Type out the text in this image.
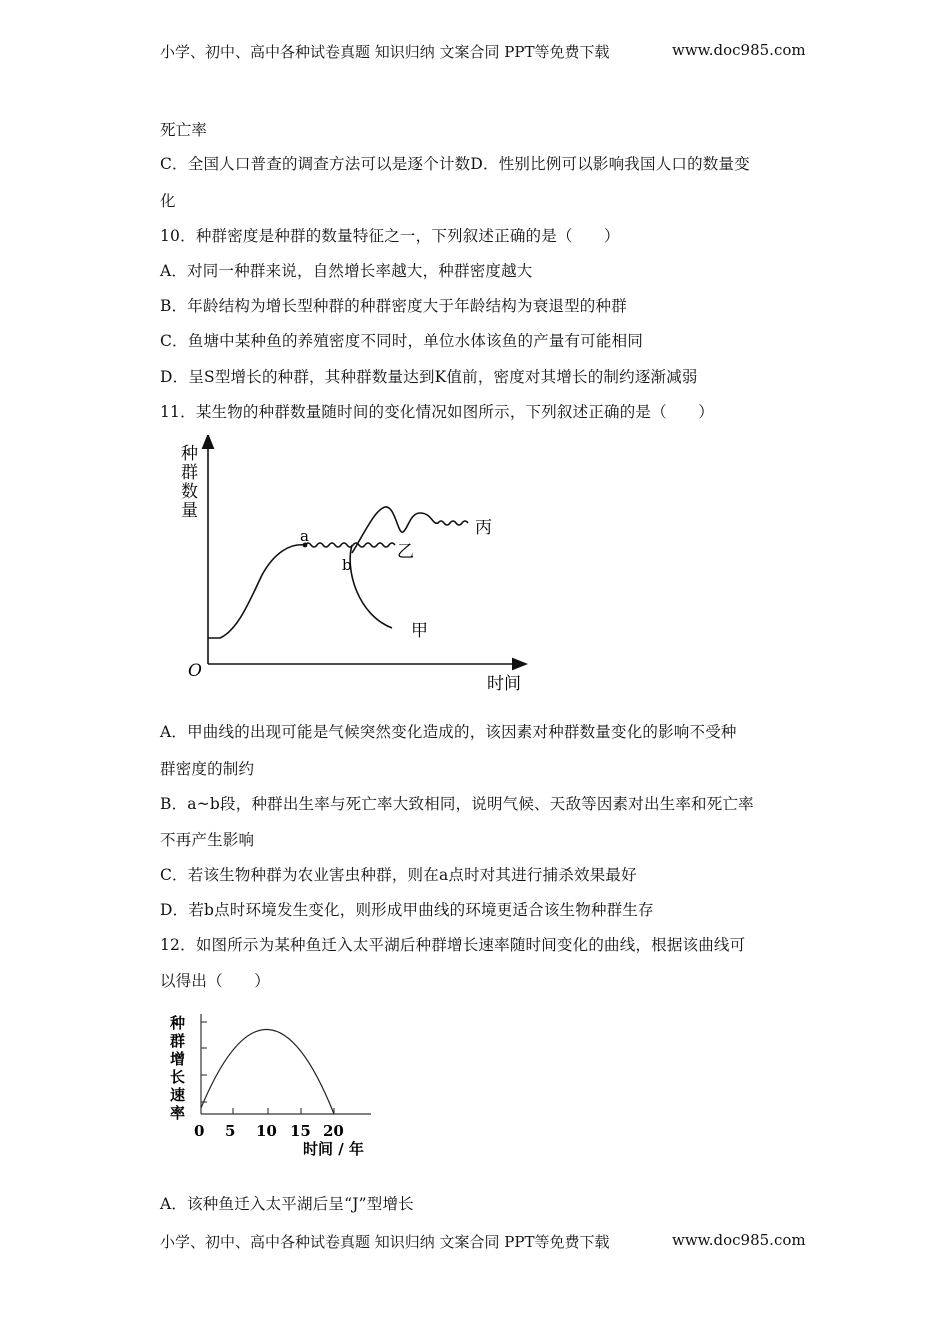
小学、初中、高中各种试卷真题 知识归纳 文案合同 PPT等免费下载	www.doc985.com
死亡率
C．全国人口普查的调查方法可以是逐个计数D．性别比例可以影响我国人口的数量变
化
10．种群密度是种群的数量特征之一，下列叙述正确的是（　　）
A．对同一种群来说，自然增长率越大，种群密度越大
B．年龄结构为增长型种群的种群密度大于年龄结构为衰退型的种群
C．鱼塘中某种鱼的养殖密度不同时，单位水体该鱼的产量有可能相同
D．呈S型增长的种群，其种群数量达到K值前，密度对其增长的制约逐渐减弱
11．某生物的种群数量随时间的变化情况如图所示，下列叙述正确的是（　　）
种
群
数
量
O
时间
a
b
乙
甲
丙
A．甲曲线的出现可能是气候突然变化造成的，该因素对种群数量变化的影响不受种
群密度的制约
B．a~b段，种群出生率与死亡率大致相同，说明气候、天敌等因素对出生率和死亡率
不再产生影响
C．若该生物种群为农业害虫种群，则在a点时对其进行捕杀效果最好
D．若b点时环境发生变化，则形成甲曲线的环境更适合该生物种群生存
12．如图所示为某种鱼迁入太平湖后种群增长速率随时间变化的曲线，根据该曲线可
以得出（　　）
种
群
增
长
速
率
0 5 10 15 20
时间 / 年
A．该种鱼迁入太平湖后呈“J”型增长
小学、初中、高中各种试卷真题 知识归纳 文案合同 PPT等免费下载	www.doc985.com
